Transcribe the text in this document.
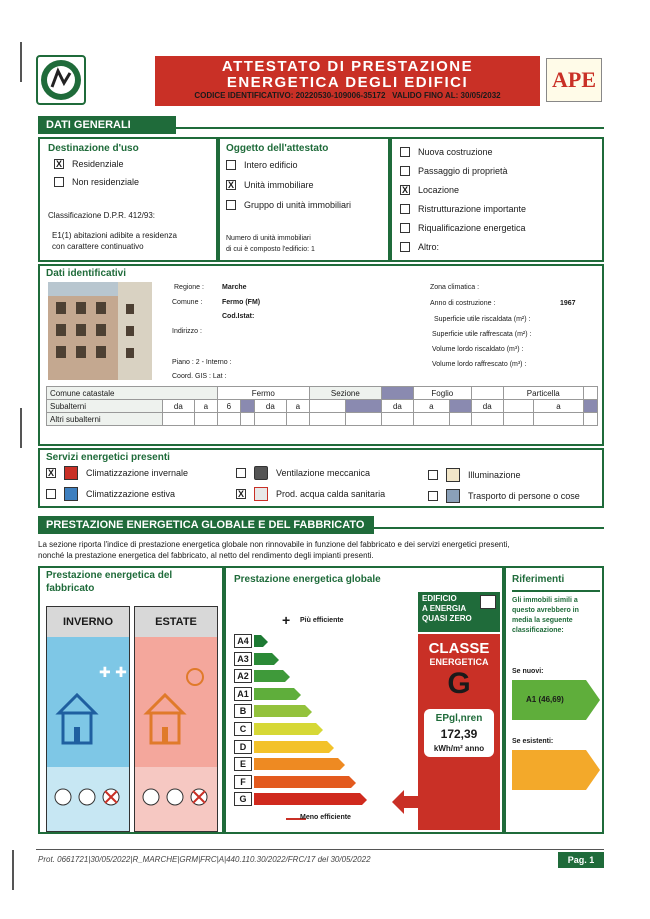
ATTESTATO DI PRESTAZIONE
ENERGETICA DEGLI EDIFICI
CODICE IDENTIFICATIVO: 20220530-109006-35172 VALIDO FINO AL: 30/05/2032
APE
DATI GENERALI
Destinazione d'uso
X Residenziale
Non residenziale
Classificazione D.P.R. 412/93:
E1(1) abitazioni adibite a residenza
con carattere continuativo
Oggetto dell'attestato
Intero edificio
X Unità immobiliare
Gruppo di unità immobiliari
Numero di unità immobiliari
di cui è composto l'edificio: 1
Nuova costruzione
Passaggio di proprietà
X Locazione
Ristrutturazione importante
Riqualificazione energetica
Altro:
Dati identificativi
Regione :	Marche
Comune :	Fermo (FM)
Cod.Istat:
Indirizzo :
Piano : 2 - Interno :
Coord. GIS : Lat :
Zona climatica :
Anno di costruzione :	1967
Superficie utile riscaldata (m²) :
Superficie utile raffrescata (m²) :
Volume lordo riscaldato (m³) :
Volume lordo raffrescato (m³) :
Comune catastale			Fermo				Sezione			Foglio			Particella		
Subalterni	da	a	6		da	a			da	a		da		a	
Altri subalterni															
Servizi energetici presenti
X	Climatizzazione invernale
Climatizzazione estiva
Ventilazione meccanica
X	Prod. acqua calda sanitaria
Illuminazione
Trasporto di persone o cose
PRESTAZIONE ENERGETICA GLOBALE E DEL FABBRICATO
La sezione riporta l'indice di prestazione energetica globale non rinnovabile in funzione del fabbricato e dei servizi energetici presenti,
nonché la prestazione energetica del fabbricato, al netto del rendimento degli impianti presenti.
Prestazione energetica del
fabbricato
INVERNO
✚ ✚
ESTATE
Prestazione energetica globale
+ Più efficiente
A4
A3
A2
A1
B
C
D
E
F
G
Meno efficiente
EDIFICIO
A ENERGIA
QUASI ZERO
CLASSE
ENERGETICA
G
EPgl,nren
172,39
kWh/m² anno
Riferimenti
Gli immobili simili a
questo avrebbero in
media la seguente
classificazione:
Se nuovi:
A1 (46,69)
Se esistenti:
Prot. 0661721|30/05/2022|R_MARCHE|GRM|FRC|A|440.110.30/2022/FRC/17 del 30/05/2022	Pag. 1
